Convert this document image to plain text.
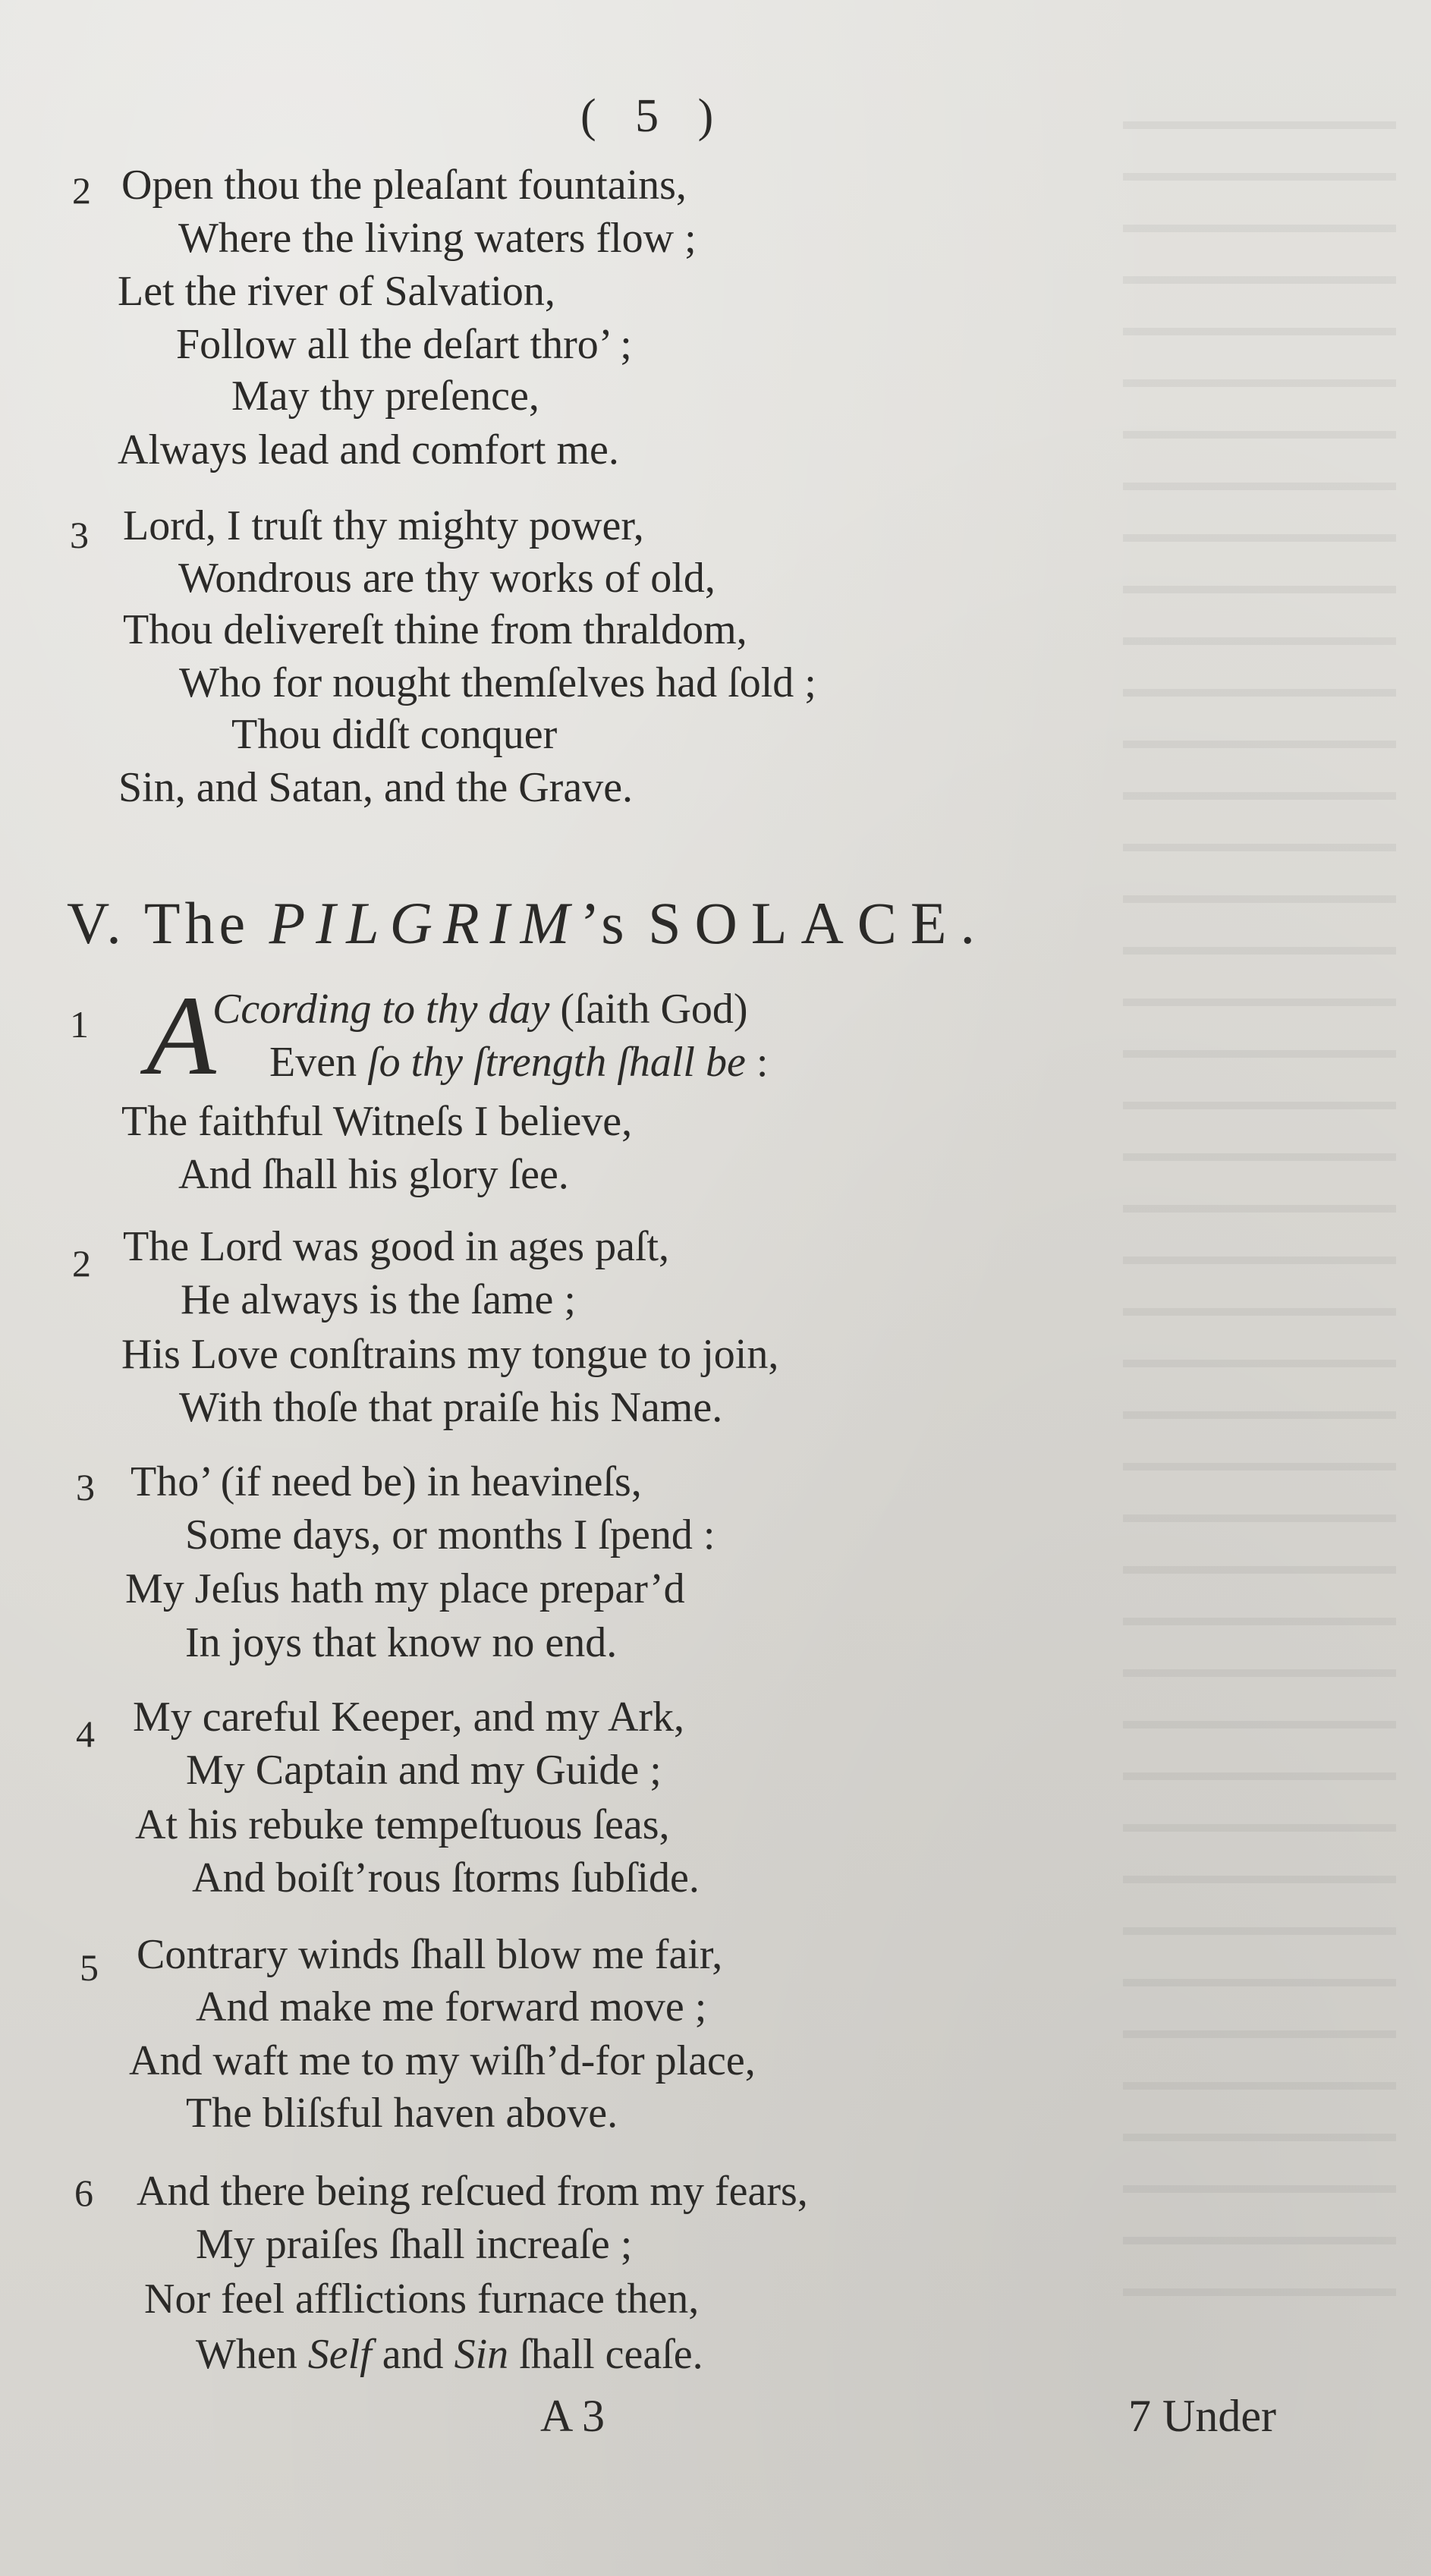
( 5 )
2 Open thou the pleaſant fountains,
Where the living waters flow ;
Let the river of Salvation,
Follow all the deſart thro’ ;
May thy preſence,
Always lead and comfort me.
3 Lord, I truſt thy mighty power,
Wondrous are thy works of old,
Thou delivereſt thine from thraldom,
Who for nought themſelves had ſold ;
Thou didſt conquer
Sin, and Satan, and the Grave.
V. The PILGRIM’s SOLACE.
1 A
Ccording to thy day (ſaith God)
Even ſo thy ſtrength ſhall be :
The faithful Witneſs I believe,
And ſhall his glory ſee.
2 The Lord was good in ages paſt,
He always is the ſame ;
His Love conſtrains my tongue to join,
With thoſe that praiſe his Name.
3 Tho’ (if need be) in heavineſs,
Some days, or months I ſpend :
My Jeſus hath my place prepar’d
In joys that know no end.
4 My careful Keeper, and my Ark,
My Captain and my Guide ;
At his rebuke tempeſtuous ſeas,
And boiſt’rous ſtorms ſubſide.
5 Contrary winds ſhall blow me fair,
And make me forward move ;
And waft me to my wiſh’d-for place,
The bliſsful haven above.
6 And there being reſcued from my fears,
My praiſes ſhall increaſe ;
Nor feel afflictions furnace then,
When Self and Sin ſhall ceaſe.
A 3	7 Under
